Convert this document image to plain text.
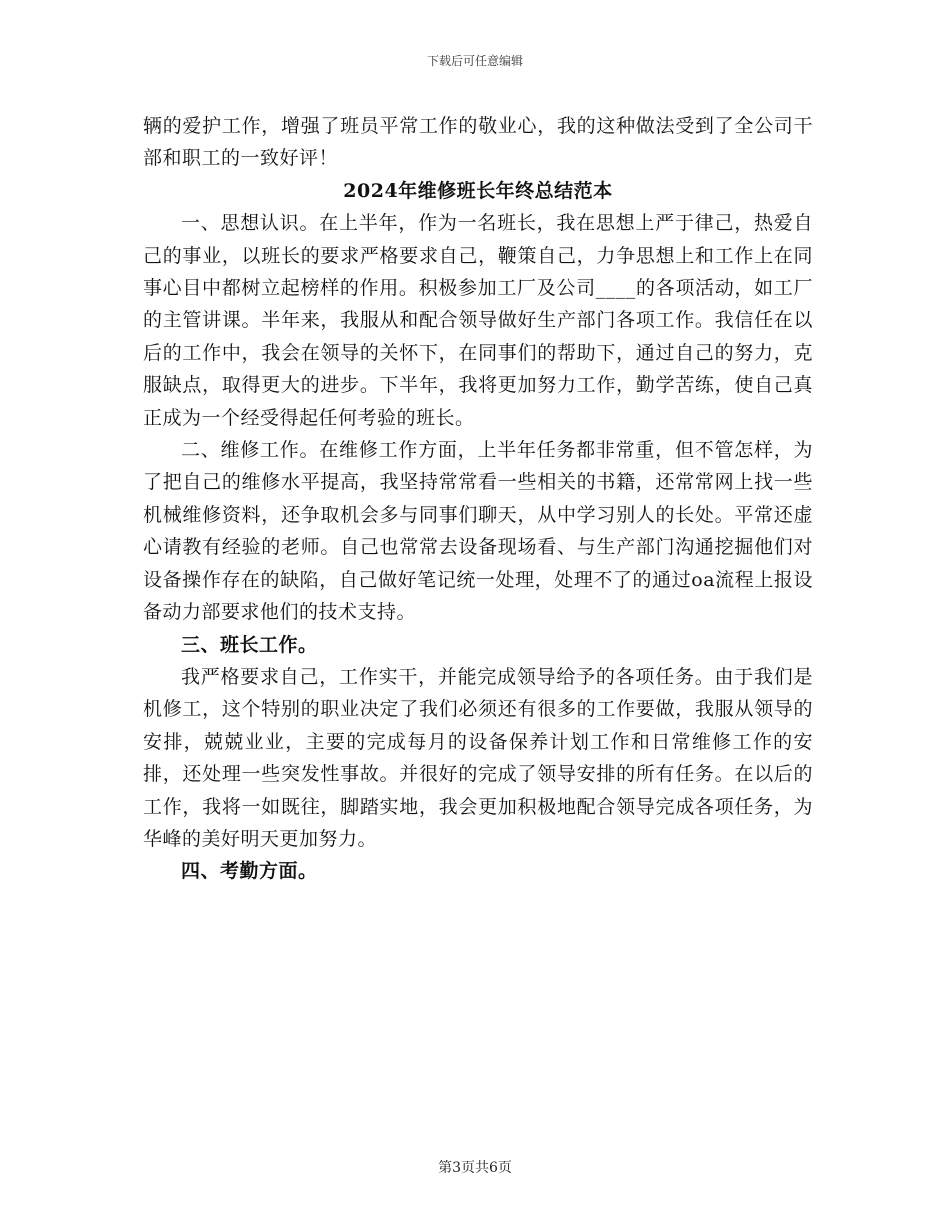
下载后可任意编辑

辆的爱护工作，增强了班员平常工作的敬业心，我的这种做法受到了全公司干部和职工的一致好评！

2024年维修班长年终总结范本

一、思想认识。在上半年，作为一名班长，我在思想上严于律己，热爱自己的事业，以班长的要求严格要求自己，鞭策自己，力争思想上和工作上在同事心目中都树立起榜样的作用。积极参加工厂及公司____的各项活动，如工厂的主管讲课。半年来，我服从和配合领导做好生产部门各项工作。我信任在以后的工作中，我会在领导的关怀下，在同事们的帮助下，通过自己的努力，克服缺点，取得更大的进步。下半年，我将更加努力工作，勤学苦练，使自己真正成为一个经受得起任何考验的班长。

二、维修工作。在维修工作方面，上半年任务都非常重，但不管怎样，为了把自己的维修水平提高，我坚持常常看一些相关的书籍，还常常网上找一些机械维修资料，还争取机会多与同事们聊天，从中学习别人的长处。平常还虚心请教有经验的老师。自己也常常去设备现场看、与生产部门沟通挖掘他们对设备操作存在的缺陷，自己做好笔记统一处理，处理不了的通过oa流程上报设备动力部要求他们的技术支持。

三、班长工作。

我严格要求自己，工作实干，并能完成领导给予的各项任务。由于我们是机修工，这个特别的职业决定了我们必须还有很多的工作要做，我服从领导的安排，兢兢业业，主要的完成每月的设备保养计划工作和日常维修工作的安排，还处理一些突发性事故。并很好的完成了领导安排的所有任务。在以后的工作，我将一如既往，脚踏实地，我会更加积极地配合领导完成各项任务，为华峰的美好明天更加努力。

四、考勤方面。

第3页共6页
